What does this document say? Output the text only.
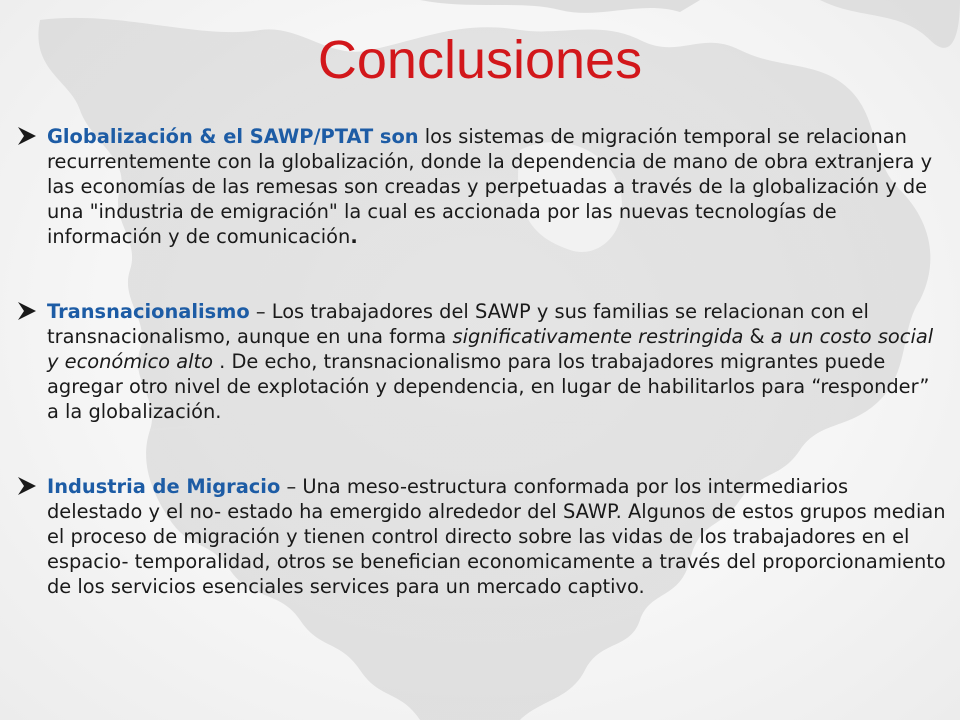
Conclusiones
Globalización & el SAWP/PTAT son los sistemas de migración temporal se relacionan recurrentemente con la globalización, donde la dependencia de mano de obra extranjera y las economías de las remesas son creadas y perpetuadas a través de la globalización y de una "industria de emigración" la cual es accionada por las nuevas tecnologías de información y de comunicación.
Transnacionalismo – Los trabajadores del SAWP y sus familias se relacionan con el transnacionalismo, aunque en una forma significativamente restringida & a un costo social y económico alto . De echo, transnacionalismo para los trabajadores migrantes puede agregar otro nivel de explotación y dependencia, en lugar de habilitarlos para “responder” a la globalización.
Industria de Migracio – Una meso-estructura conformada por los intermediarios delestado y el no- estado ha emergido alrededor del SAWP. Algunos de estos grupos median el proceso de migración y tienen control directo sobre las vidas de los trabajadores en el espacio- temporalidad, otros se benefician economicamente a través del proporcionamiento de los servicios esenciales services para un mercado captivo.
